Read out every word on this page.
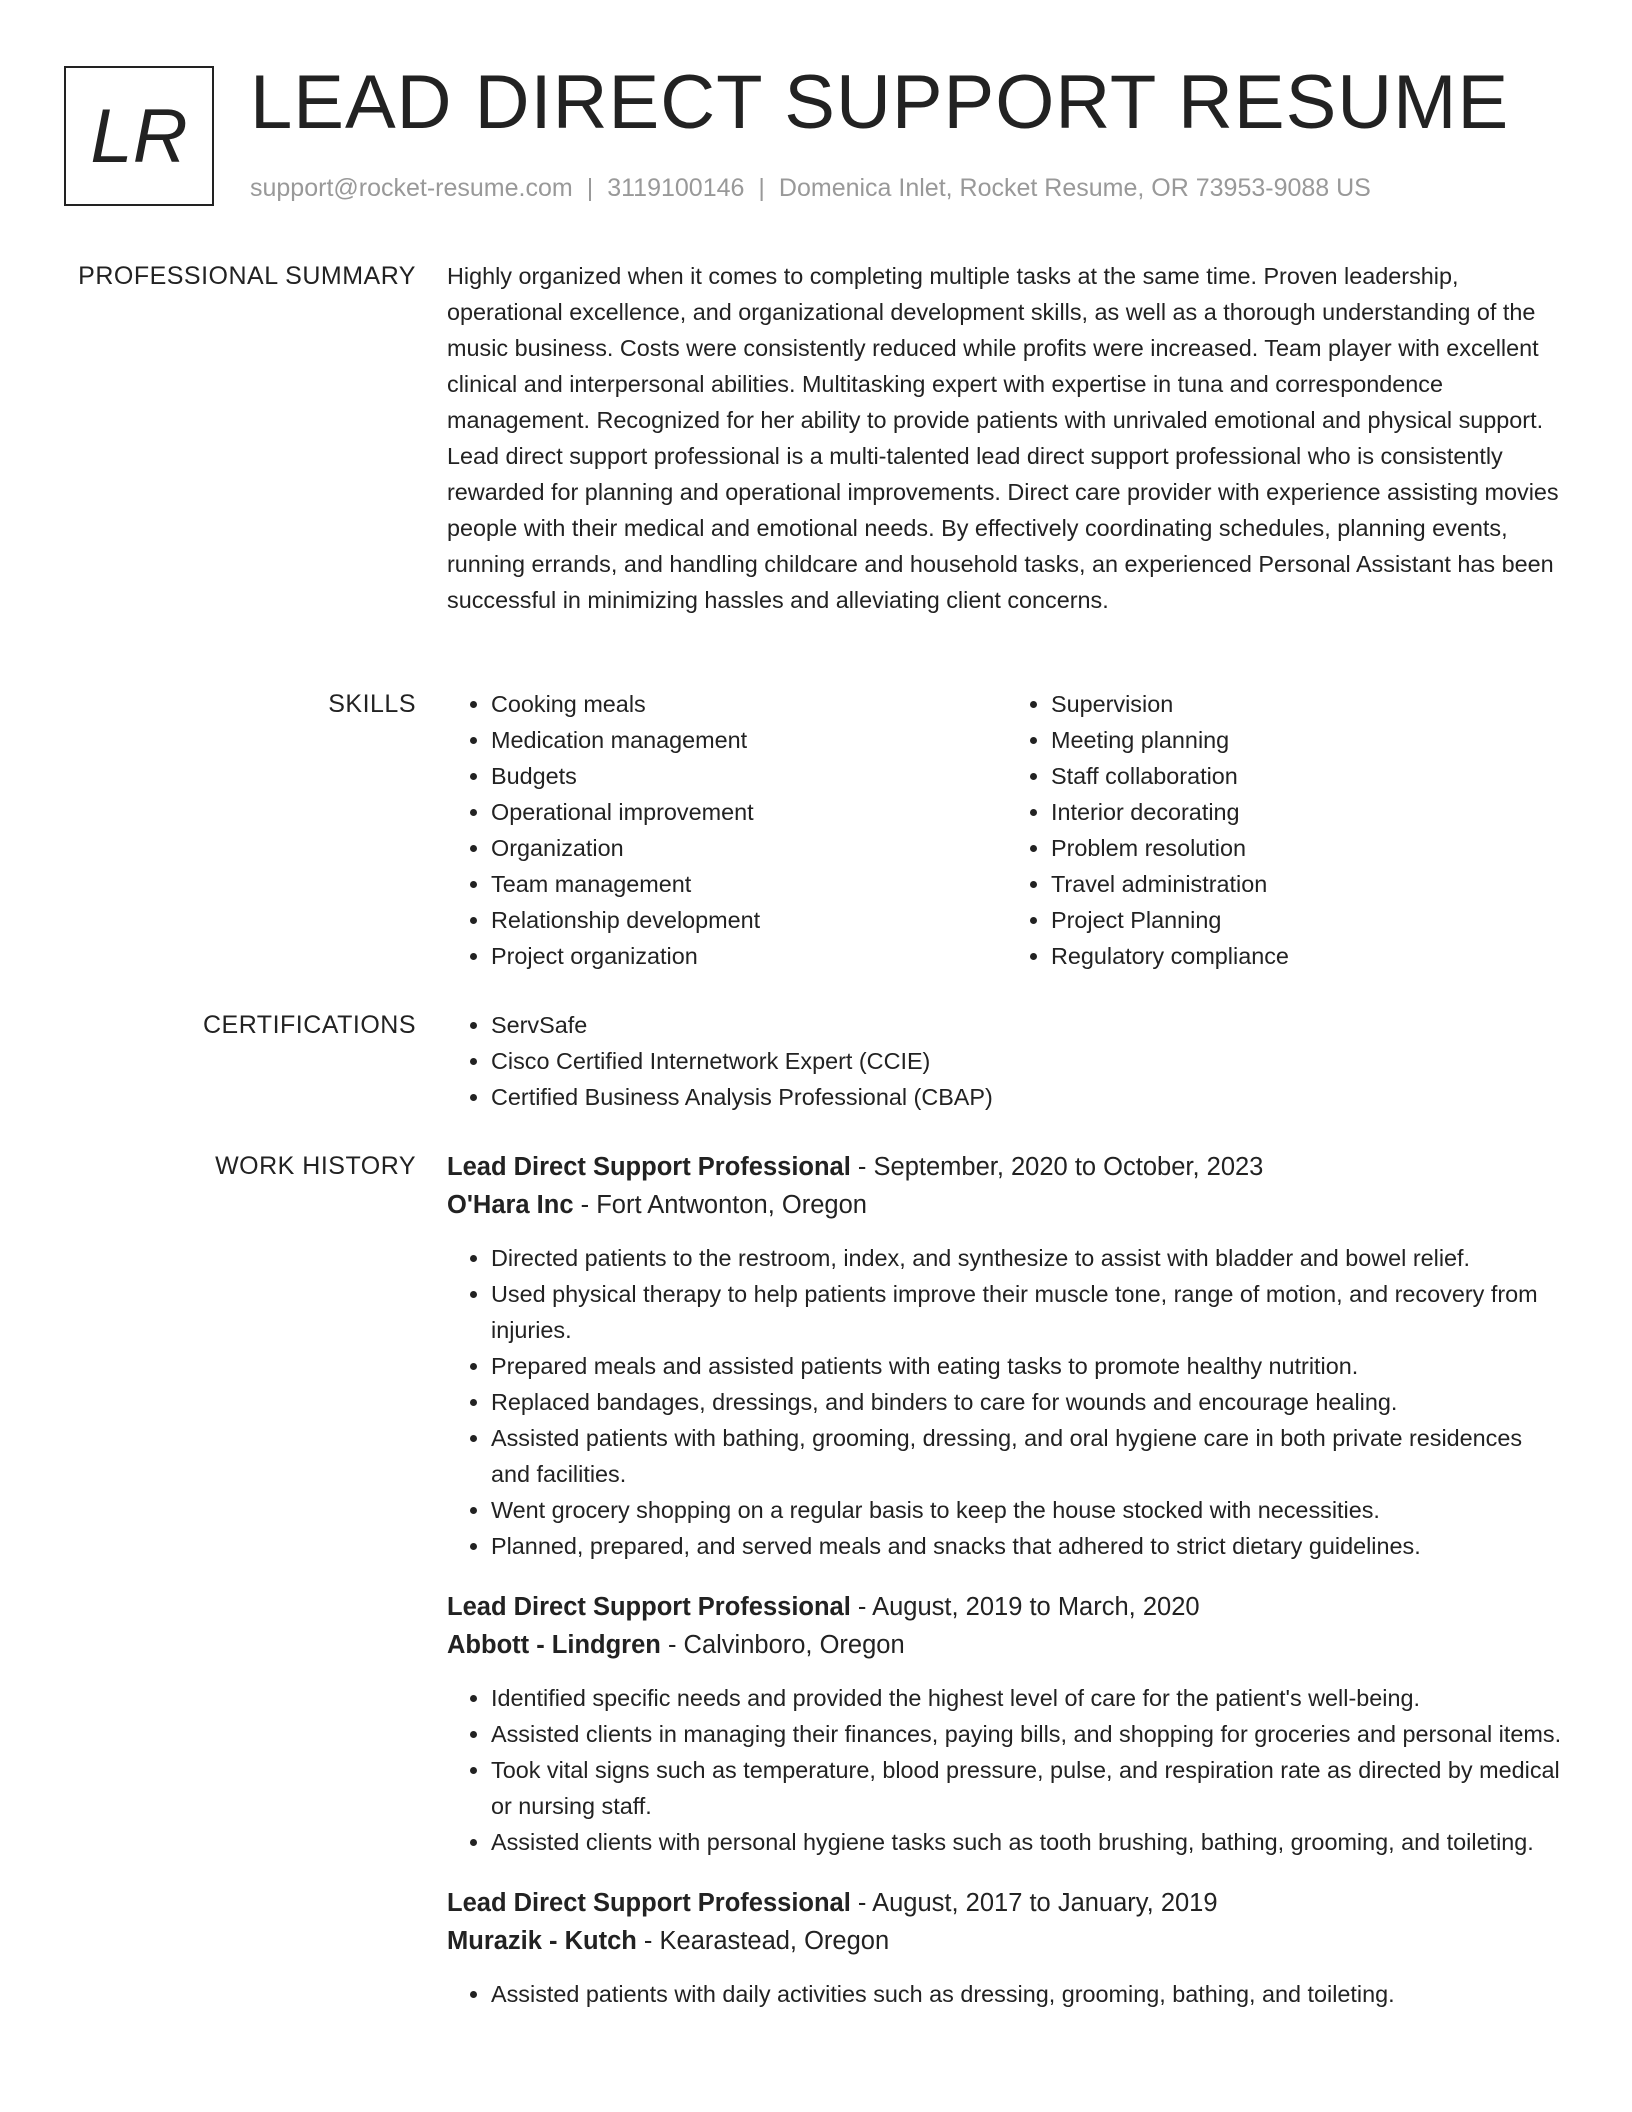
LR LEAD DIRECT SUPPORT RESUME
support@rocket-resume.com | 3119100146 | Domenica Inlet, Rocket Resume, OR 73953-9088 US
PROFESSIONAL SUMMARY Highly organized when it comes to completing multiple tasks at the same time. Proven leadership, operational excellence, and organizational development skills, as well as a thorough understanding of the music business. Costs were consistently reduced while profits were increased. Team player with excellent clinical and interpersonal abilities. Multitasking expert with expertise in tuna and correspondence management. Recognized for her ability to provide patients with unrivaled emotional and physical support. Lead direct support professional is a multi-talented lead direct support professional who is consistently rewarded for planning and operational improvements. Direct care provider with experience assisting movies people with their medical and emotional needs. By effectively coordinating schedules, planning events, running errands, and handling childcare and household tasks, an experienced Personal Assistant has been successful in minimizing hassles and alleviating client concerns.

SKILLS	• Cooking meals
• Medication management
• Budgets
• Operational improvement
• Organization
• Team management
• Relationship development
• Project organization
• Supervision
• Meeting planning
• Staff collaboration
• Interior decorating
• Problem resolution
• Travel administration
• Project Planning
• Regulatory compliance
CERTIFICATIONS	• ServSafe
• Cisco Certified Internetwork Expert (CCIE)
• Certified Business Analysis Professional (CBAP)
WORK HISTORY Lead Direct Support Professional - September, 2020 to October, 2023
O'Hara Inc - Fort Antwonton, Oregon
• Directed patients to the restroom, index, and synthesize to assist with bladder and bowel relief.
• Used physical therapy to help patients improve their muscle tone, range of motion, and recovery from injuries.
• Prepared meals and assisted patients with eating tasks to promote healthy nutrition.
• Replaced bandages, dressings, and binders to care for wounds and encourage healing.
• Assisted patients with bathing, grooming, dressing, and oral hygiene care in both private residences and facilities.
• Went grocery shopping on a regular basis to keep the house stocked with necessities.
• Planned, prepared, and served meals and snacks that adhered to strict dietary guidelines.
Lead Direct Support Professional - August, 2019 to March, 2020
Abbott - Lindgren - Calvinboro, Oregon
• Identified specific needs and provided the highest level of care for the patient's well-being.
• Assisted clients in managing their finances, paying bills, and shopping for groceries and personal items.
• Took vital signs such as temperature, blood pressure, pulse, and respiration rate as directed by medical or nursing staff.
• Assisted clients with personal hygiene tasks such as tooth brushing, bathing, grooming, and toileting.
Lead Direct Support Professional - August, 2017 to January, 2019
Murazik - Kutch - Kearastead, Oregon
• Assisted patients with daily activities such as dressing, grooming, bathing, and toileting.
